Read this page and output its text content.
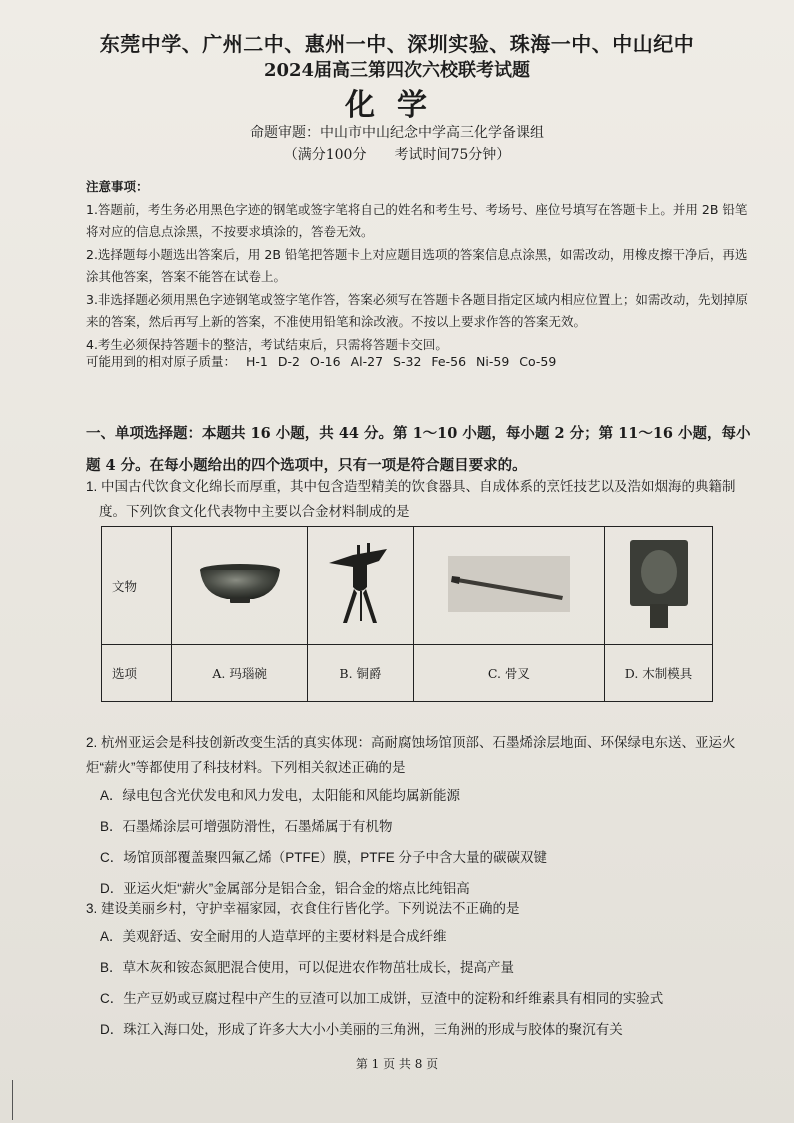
东莞中学、广州二中、惠州一中、深圳实验、珠海一中、中山纪中
2024届高三第四次六校联考试题
化学
命题审题：中山市中山纪念中学高三化学备课组
（满分100分　　考试时间75分钟）

注意事项：

1.答题前，考生务必用黑色字迹的钢笔或签字笔将自己的姓名和考生号、考场号、座位号填写在答题卡上。并用 2B 铅笔将对应的信息点涂黑，不按要求填涂的，答卷无效。

2.选择题每小题选出答案后，用 2B 铅笔把答题卡上对应题目选项的答案信息点涂黑，如需改动，用橡皮擦干净后，再选涂其他答案，答案不能答在试卷上。

3.非选择题必须用黑色字迹钢笔或签字笔作答，答案必须写在答题卡各题目指定区域内相应位置上；如需改动，先划掉原来的答案，然后再写上新的答案，不准使用铅笔和涂改液。不按以上要求作答的答案无效。

4.考生必须保持答题卡的整洁，考试结束后，只需将答题卡交回。

可能用到的相对原子质量： H-1 D-2 O-16 Al-27 S-32 Fe-56 Ni-59 Co-59
一、单项选择题：本题共 16 小题，共 44 分。第 1～10 小题，每小题 2 分；第 11～16 小题，每小题 4 分。在每小题给出的四个选项中，只有一项是符合题目要求的。

1. 中国古代饮食文化绵长而厚重，其中包含造型精美的饮食器具、自成体系的烹饪技艺以及浩如烟海的典籍制度。下列饮食文化代表物中主要以合金材料制成的是

文物				
选项	A. 玛瑙碗	B. 铜爵	C. 骨叉	D. 木制模具

2. 杭州亚运会是科技创新改变生活的真实体现：高耐腐蚀场馆顶部、石墨烯涂层地面、环保绿电东送、亚运火炬“薪火”等都使用了科技材料。下列相关叙述正确的是

A．绿电包含光伏发电和风力发电，太阳能和风能均属新能源

B．石墨烯涂层可增强防滑性，石墨烯属于有机物

C．场馆顶部覆盖聚四氟乙烯（PTFE）膜，PTFE 分子中含大量的碳碳双键

D．亚运火炬“薪火”金属部分是铝合金，铝合金的熔点比纯铝高

3. 建设美丽乡村，守护幸福家园，衣食住行皆化学。下列说法不正确的是

A．美观舒适、安全耐用的人造草坪的主要材料是合成纤维

B．草木灰和铵态氮肥混合使用，可以促进农作物茁壮成长，提高产量

C．生产豆奶或豆腐过程中产生的豆渣可以加工成饼，豆渣中的淀粉和纤维素具有相同的实验式

D．珠江入海口处，形成了许多大大小小美丽的三角洲，三角洲的形成与胶体的聚沉有关

第 1 页 共 8 页
